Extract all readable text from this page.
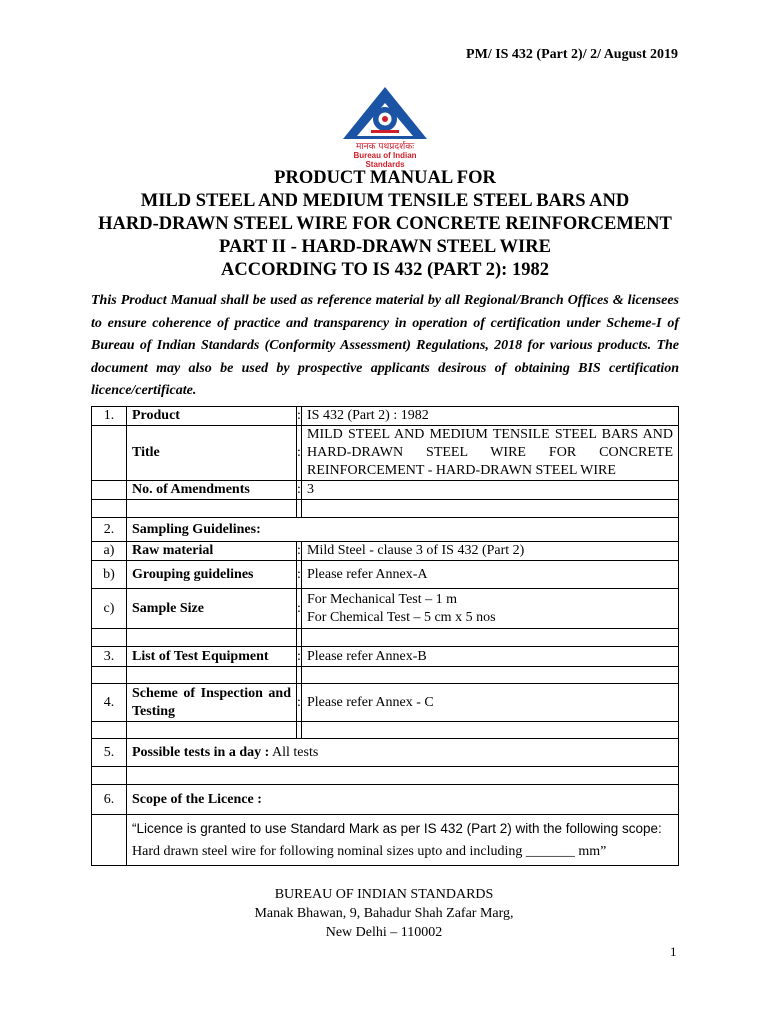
PM/ IS 432 (Part 2)/ 2/ August 2019
मानक पथप्रदर्शकः
Bureau of Indian Standards
PRODUCT MANUAL FOR
MILD STEEL AND MEDIUM TENSILE STEEL BARS AND
HARD-DRAWN STEEL WIRE FOR CONCRETE REINFORCEMENT
PART II - HARD-DRAWN STEEL WIRE
ACCORDING TO IS 432 (PART 2): 1982
This Product Manual shall be used as reference material by all Regional/Branch Offices & licensees to ensure coherence of practice and transparency in operation of certification under Scheme-I of Bureau of Indian Standards (Conformity Assessment) Regulations, 2018 for various products. The document may also be used by prospective applicants desirous of obtaining BIS certification licence/certificate.
1.	Product	:	IS 432 (Part 2) : 1982
	Title	:	MILD STEEL AND MEDIUM TENSILE STEEL BARS AND HARD-DRAWN STEEL WIRE FOR CONCRETE REINFORCEMENT - HARD-DRAWN STEEL WIRE
	No. of Amendments	:	3

2.	Sampling Guidelines:		
a)	Raw material	:	Mild Steel - clause 3 of IS 432 (Part 2)
b)	Grouping guidelines	:	Please refer Annex-A
c)	Sample Size	:	For Mechanical Test – 1 m
For Chemical Test – 5 cm x 5 nos

3.	List of Test Equipment	:	Please refer Annex-B

4.	Scheme of Inspection and Testing	:	Please refer Annex - C

5.	Possible tests in a day : All tests		

6.	Scope of the Licence :		

	“Licence is granted to use Standard Mark as per IS 432 (Part 2) with the following scope:
Hard drawn steel wire for following nominal sizes upto and including _______ mm”		
BUREAU OF INDIAN STANDARDS
Manak Bhawan, 9, Bahadur Shah Zafar Marg,
New Delhi – 110002
1
